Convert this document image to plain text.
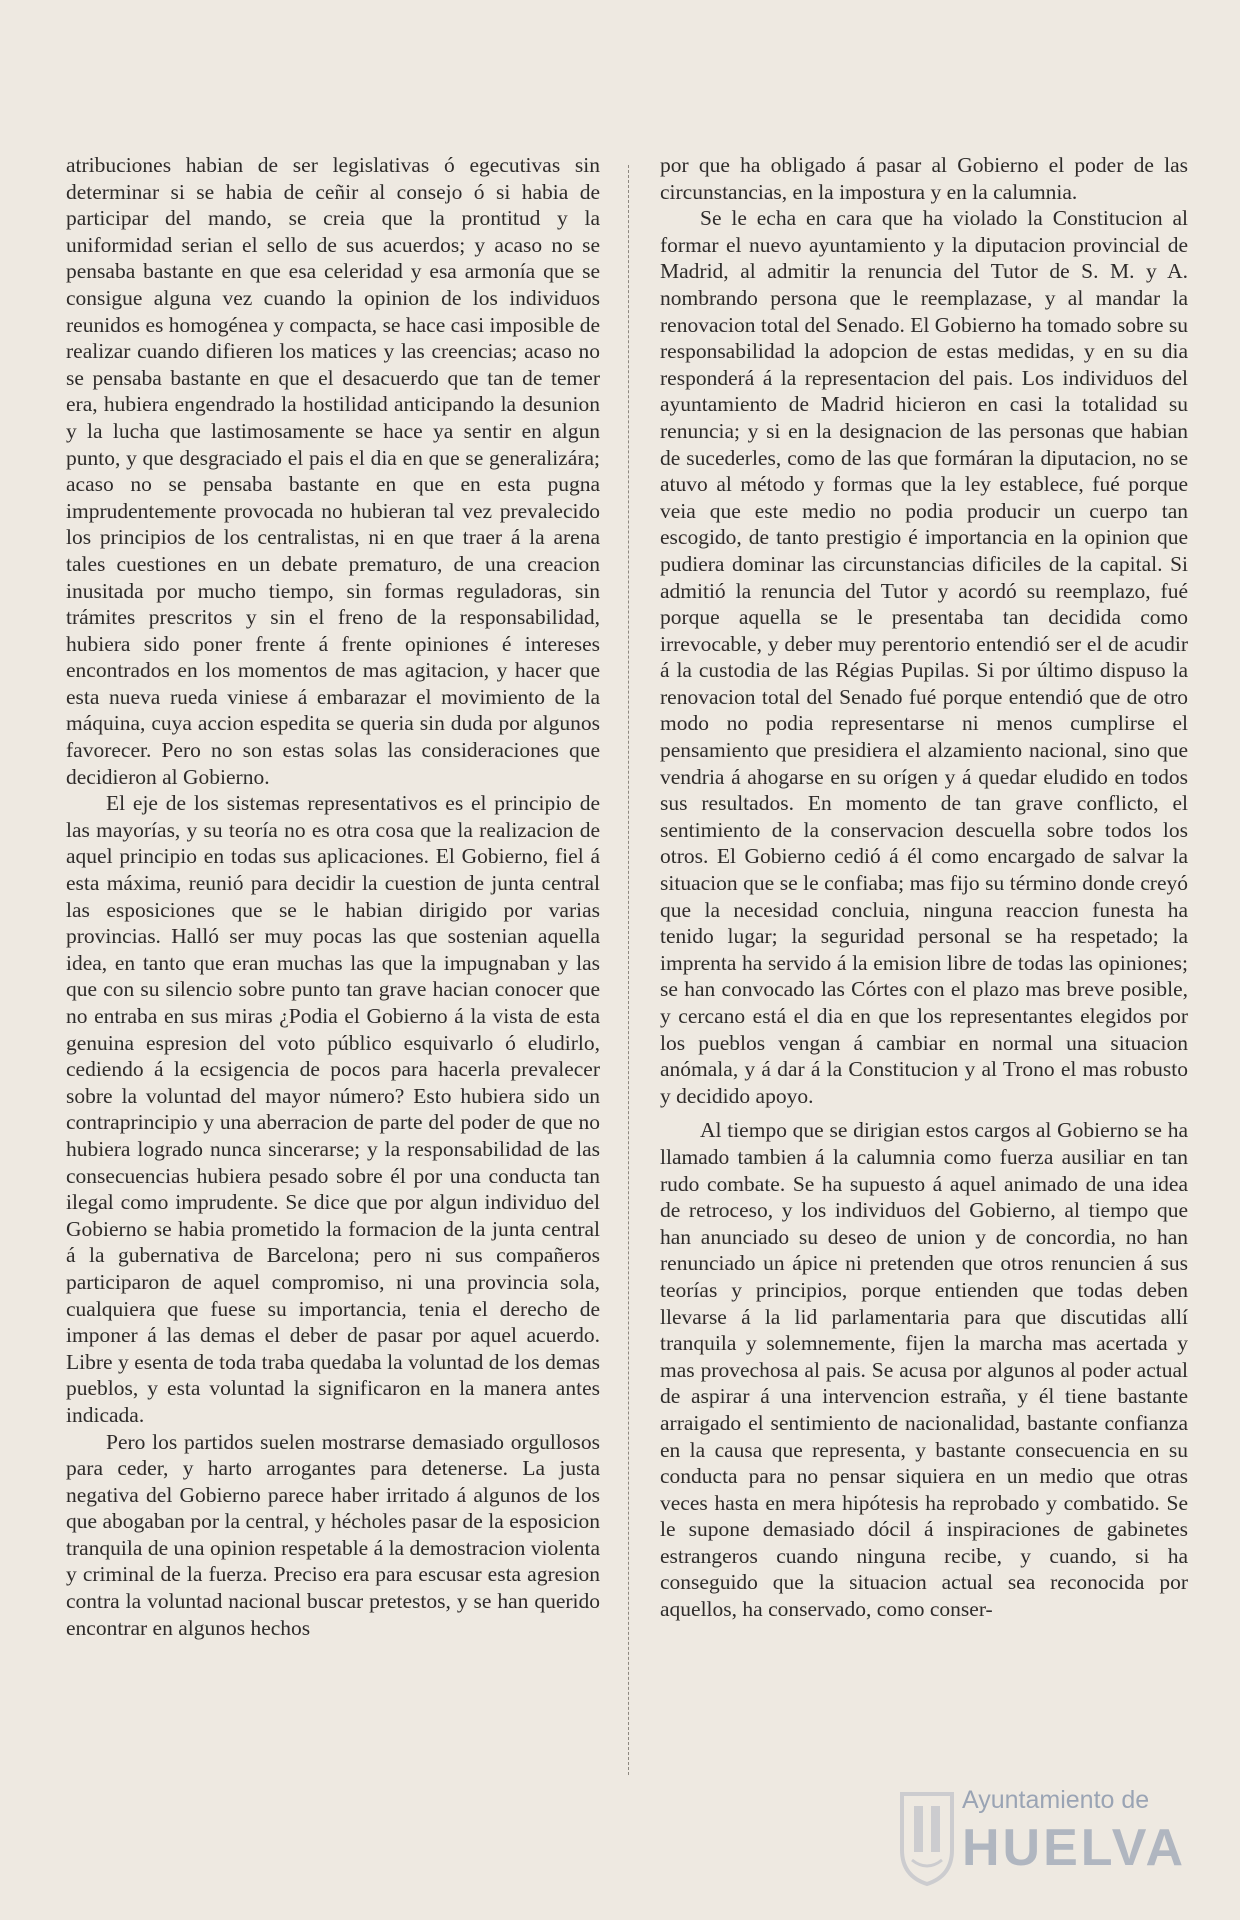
atribuciones habian de ser legislativas ó egecutivas sin determinar si se habia de ceñir al consejo ó si habia de participar del mando, se creia que la prontitud y la uniformidad serian el sello de sus acuerdos; y acaso no se pensaba bastante en que esa celeridad y esa armonía que se consigue alguna vez cuando la opinion de los individuos reunidos es homogénea y compacta, se hace casi imposible de realizar cuando difieren los matices y las creencias; acaso no se pensaba bastante en que el desacuerdo que tan de temer era, hubiera engendrado la hostilidad anticipando la desunion y la lucha que lastimosamente se hace ya sentir en algun punto, y que desgraciado el pais el dia en que se generalizára; acaso no se pensaba bastante en que en esta pugna imprudentemente provocada no hubieran tal vez prevalecido los principios de los centralistas, ni en que traer á la arena tales cuestiones en un debate prematuro, de una creacion inusitada por mucho tiempo, sin formas reguladoras, sin trámites prescritos y sin el freno de la responsabilidad, hubiera sido poner frente á frente opiniones é intereses encontrados en los momentos de mas agitacion, y hacer que esta nueva rueda viniese á embarazar el movimiento de la máquina, cuya accion espedita se queria sin duda por algunos favorecer. Pero no son estas solas las consideraciones que decidieron al Gobierno.

El eje de los sistemas representativos es el principio de las mayorías, y su teoría no es otra cosa que la realizacion de aquel principio en todas sus aplicaciones. El Gobierno, fiel á esta máxima, reunió para decidir la cuestion de junta central las esposiciones que se le habian dirigido por varias provincias. Halló ser muy pocas las que sostenian aquella idea, en tanto que eran muchas las que la impugnaban y las que con su silencio sobre punto tan grave hacian conocer que no entraba en sus miras ¿Podia el Gobierno á la vista de esta genuina espresion del voto público esquivarlo ó eludirlo, cediendo á la ecsigencia de pocos para hacerla prevalecer sobre la voluntad del mayor número? Esto hubiera sido un contraprincipio y una aberracion de parte del poder de que no hubiera logrado nunca sincerarse; y la responsabilidad de las consecuencias hubiera pesado sobre él por una conducta tan ilegal como imprudente. Se dice que por algun individuo del Gobierno se habia prometido la formacion de la junta central á la gubernativa de Barcelona; pero ni sus compañeros participaron de aquel compromiso, ni una provincia sola, cualquiera que fuese su importancia, tenia el derecho de imponer á las demas el deber de pasar por aquel acuerdo. Libre y esenta de toda traba quedaba la voluntad de los demas pueblos, y esta voluntad la significaron en la manera antes indicada.

Pero los partidos suelen mostrarse demasiado orgullosos para ceder, y harto arrogantes para detenerse. La justa negativa del Gobierno parece haber irritado á algunos de los que abogaban por la central, y hécholes pasar de la esposicion tranquila de una opinion respetable á la demostracion violenta y criminal de la fuerza. Preciso era para escusar esta agresion contra la voluntad nacional buscar pretestos, y se han querido encontrar en algunos hechos

por que ha obligado á pasar al Gobierno el poder de las circunstancias, en la impostura y en la calumnia.

Se le echa en cara que ha violado la Constitucion al formar el nuevo ayuntamiento y la diputacion provincial de Madrid, al admitir la renuncia del Tutor de S. M. y A. nombrando persona que le reemplazase, y al mandar la renovacion total del Senado. El Gobierno ha tomado sobre su responsabilidad la adopcion de estas medidas, y en su dia responderá á la representacion del pais. Los individuos del ayuntamiento de Madrid hicieron en casi la totalidad su renuncia; y si en la designacion de las personas que habian de sucederles, como de las que formáran la diputacion, no se atuvo al método y formas que la ley establece, fué porque veia que este medio no podia producir un cuerpo tan escogido, de tanto prestigio é importancia en la opinion que pudiera dominar las circunstancias dificiles de la capital. Si admitió la renuncia del Tutor y acordó su reemplazo, fué porque aquella se le presentaba tan decidida como irrevocable, y deber muy perentorio entendió ser el de acudir á la custodia de las Régias Pupilas. Si por último dispuso la renovacion total del Senado fué porque entendió que de otro modo no podia representarse ni menos cumplirse el pensamiento que presidiera el alzamiento nacional, sino que vendria á ahogarse en su orígen y á quedar eludido en todos sus resultados. En momento de tan grave conflicto, el sentimiento de la conservacion descuella sobre todos los otros. El Gobierno cedió á él como encargado de salvar la situacion que se le confiaba; mas fijo su término donde creyó que la necesidad concluia, ninguna reaccion funesta ha tenido lugar; la seguridad personal se ha respetado; la imprenta ha servido á la emision libre de todas las opiniones; se han convocado las Córtes con el plazo mas breve posible, y cercano está el dia en que los representantes elegidos por los pueblos vengan á cambiar en normal una situacion anómala, y á dar á la Constitucion y al Trono el mas robusto y decidido apoyo.

Al tiempo que se dirigian estos cargos al Gobierno se ha llamado tambien á la calumnia como fuerza ausiliar en tan rudo combate. Se ha supuesto á aquel animado de una idea de retroceso, y los individuos del Gobierno, al tiempo que han anunciado su deseo de union y de concordia, no han renunciado un ápice ni pretenden que otros renuncien á sus teorías y principios, porque entienden que todas deben llevarse á la lid parlamentaria para que discutidas allí tranquila y solemnemente, fijen la marcha mas acertada y mas provechosa al pais. Se acusa por algunos al poder actual de aspirar á una intervencion estraña, y él tiene bastante arraigado el sentimiento de nacionalidad, bastante confianza en la causa que representa, y bastante consecuencia en su conducta para no pensar siquiera en un medio que otras veces hasta en mera hipótesis ha reprobado y combatido. Se le supone demasiado dócil á inspiraciones de gabinetes estrangeros cuando ninguna recibe, y cuando, si ha conseguido que la situacion actual sea reconocida por aquellos, ha conservado, como conser-

Ayuntamiento de
HUELVA
